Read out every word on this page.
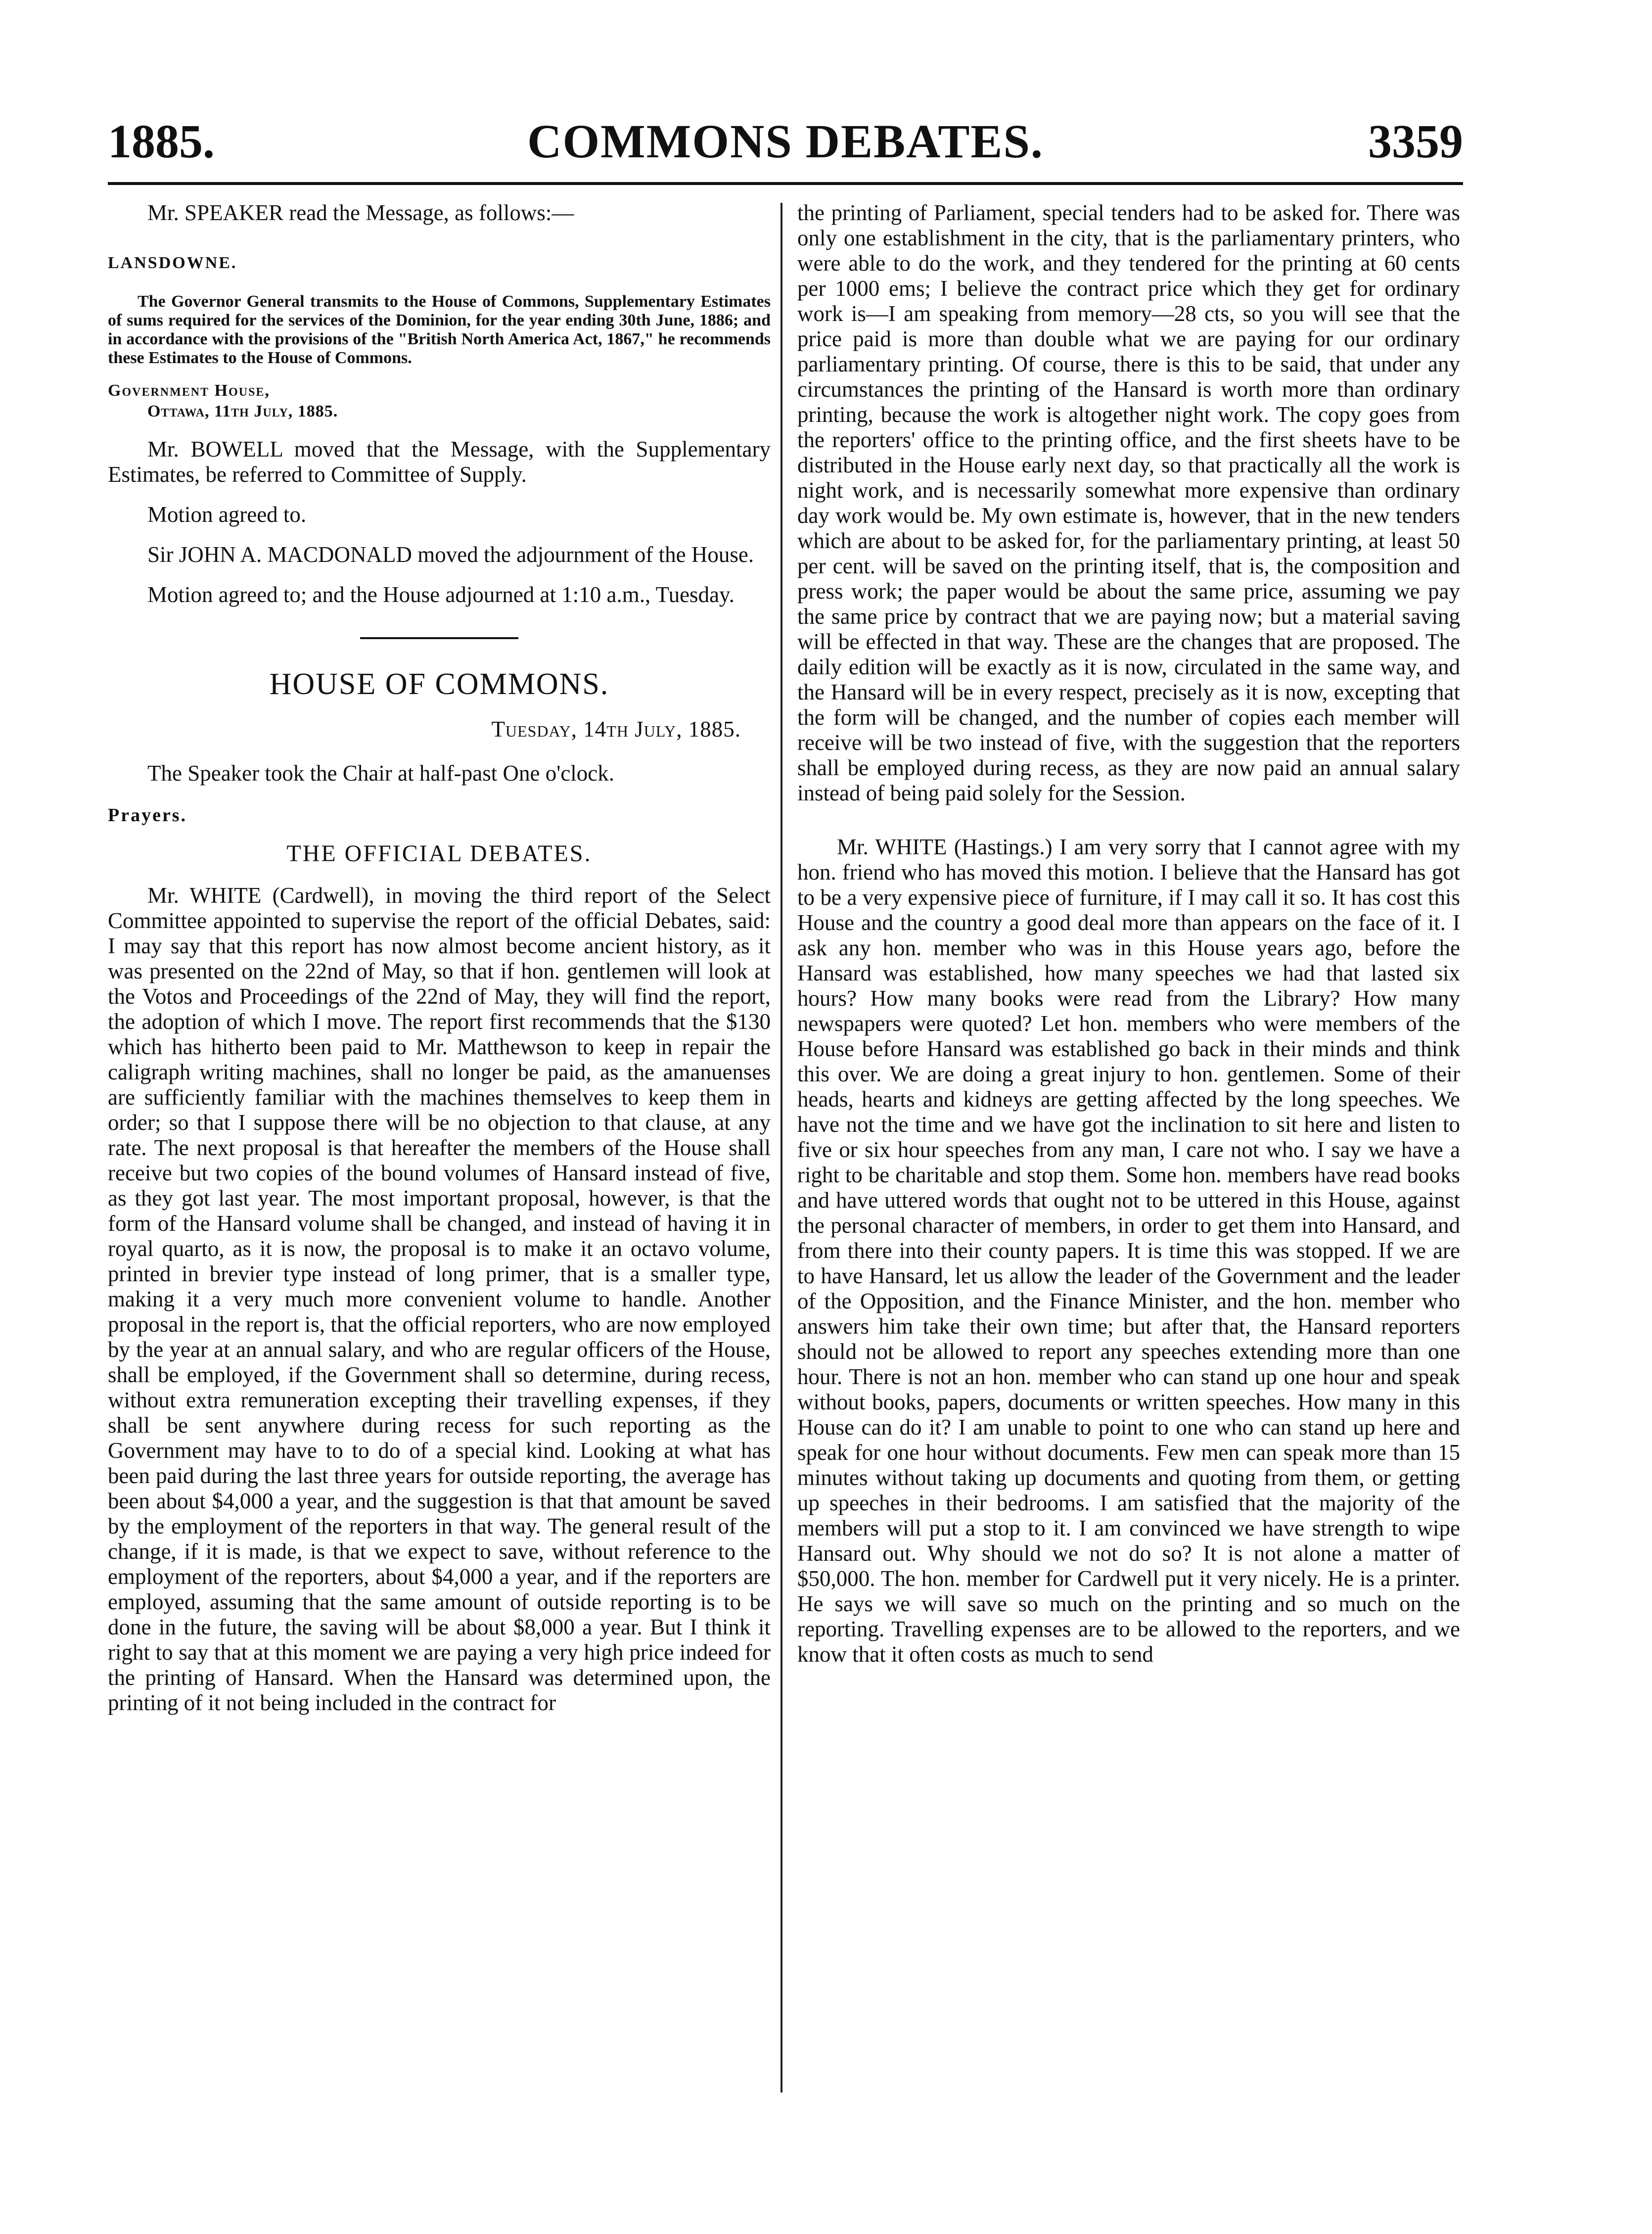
COMMONS DEBATES.
1885.	3359

Mr. SPEAKER read the Message, as follows:—

LANSDOWNE.

The Governor General transmits to the House of Commons, Supplementary Estimates of sums required for the services of the Dominion, for the year ending 30th June, 1886; and in accordance with the provisions of the "British North America Act, 1867," he recommends these Estimates to the House of Commons.

Government House,
Ottawa, 11th July, 1885.

Mr. BOWELL moved that the Message, with the Supplementary Estimates, be referred to Committee of Supply.

Motion agreed to.

Sir JOHN A. MACDONALD moved the adjournment of the House.

Motion agreed to; and the House adjourned at 1:10 a.m., Tuesday.

HOUSE OF COMMONS.
Tuesday, 14th July, 1885.

The Speaker took the Chair at half-past One o'clock.

Prayers.
THE OFFICIAL DEBATES.

Mr. WHITE (Cardwell), in moving the third report of the Select Committee appointed to supervise the report of the official Debates, said: I may say that this report has now almost become ancient history, as it was presented on the 22nd of May, so that if hon. gentlemen will look at the Votos and Proceedings of the 22nd of May, they will find the report, the adoption of which I move. The report first recommends that the $130 which has hitherto been paid to Mr. Matthewson to keep in repair the caligraph writing machines, shall no longer be paid, as the amanuenses are sufficiently familiar with the machines themselves to keep them in order; so that I suppose there will be no objection to that clause, at any rate. The next proposal is that hereafter the members of the House shall receive but two copies of the bound volumes of Hansard instead of five, as they got last year. The most important proposal, however, is that the form of the Hansard volume shall be changed, and instead of having it in royal quarto, as it is now, the proposal is to make it an octavo volume, printed in brevier type instead of long primer, that is a smaller type, making it a very much more convenient volume to handle. Another proposal in the report is, that the official reporters, who are now employed by the year at an annual salary, and who are regular officers of the House, shall be employed, if the Government shall so determine, during recess, without extra remuneration excepting their travelling expenses, if they shall be sent anywhere during recess for such reporting as the Government may have to to do of a special kind. Looking at what has been paid during the last three years for outside reporting, the average has been about $4,000 a year, and the suggestion is that that amount be saved by the employment of the reporters in that way. The general result of the change, if it is made, is that we expect to save, without reference to the employment of the reporters, about $4,000 a year, and if the reporters are employed, assuming that the same amount of outside reporting is to be done in the future, the saving will be about $8,000 a year. But I think it right to say that at this moment we are paying a very high price indeed for the printing of Hansard. When the Hansard was determined upon, the printing of it not being included in the contract for

the printing of Parliament, special tenders had to be asked for. There was only one establishment in the city, that is the parliamentary printers, who were able to do the work, and they tendered for the printing at 60 cents per 1000 ems; I believe the contract price which they get for ordinary work is—I am speaking from memory—28 cts, so you will see that the price paid is more than double what we are paying for our ordinary parliamentary printing. Of course, there is this to be said, that under any circumstances the printing of the Hansard is worth more than ordinary printing, because the work is altogether night work. The copy goes from the reporters' office to the printing office, and the first sheets have to be distributed in the House early next day, so that practically all the work is night work, and is necessarily somewhat more expensive than ordinary day work would be. My own estimate is, however, that in the new tenders which are about to be asked for, for the parliamentary printing, at least 50 per cent. will be saved on the printing itself, that is, the composition and press work; the paper would be about the same price, assuming we pay the same price by contract that we are paying now; but a material saving will be effected in that way. These are the changes that are proposed. The daily edition will be exactly as it is now, circulated in the same way, and the Hansard will be in every respect, precisely as it is now, excepting that the form will be changed, and the number of copies each member will receive will be two instead of five, with the suggestion that the reporters shall be employed during recess, as they are now paid an annual salary instead of being paid solely for the Session.

Mr. WHITE (Hastings.) I am very sorry that I cannot agree with my hon. friend who has moved this motion. I believe that the Hansard has got to be a very expensive piece of furniture, if I may call it so. It has cost this House and the country a good deal more than appears on the face of it. I ask any hon. member who was in this House years ago, before the Hansard was established, how many speeches we had that lasted six hours? How many books were read from the Library? How many newspapers were quoted? Let hon. members who were members of the House before Hansard was established go back in their minds and think this over. We are doing a great injury to hon. gentlemen. Some of their heads, hearts and kidneys are getting affected by the long speeches. We have not the time and we have got the inclination to sit here and listen to five or six hour speeches from any man, I care not who. I say we have a right to be charitable and stop them. Some hon. members have read books and have uttered words that ought not to be uttered in this House, against the personal character of members, in order to get them into Hansard, and from there into their county papers. It is time this was stopped. If we are to have Hansard, let us allow the leader of the Government and the leader of the Opposition, and the Finance Minister, and the hon. member who answers him take their own time; but after that, the Hansard reporters should not be allowed to report any speeches extending more than one hour. There is not an hon. member who can stand up one hour and speak without books, papers, documents or written speeches. How many in this House can do it? I am unable to point to one who can stand up here and speak for one hour without documents. Few men can speak more than 15 minutes without taking up documents and quoting from them, or getting up speeches in their bedrooms. I am satisfied that the majority of the members will put a stop to it. I am convinced we have strength to wipe Hansard out. Why should we not do so? It is not alone a matter of $50,000. The hon. member for Cardwell put it very nicely. He is a printer. He says we will save so much on the printing and so much on the reporting. Travelling expenses are to be allowed to the reporters, and we know that it often costs as much to send
